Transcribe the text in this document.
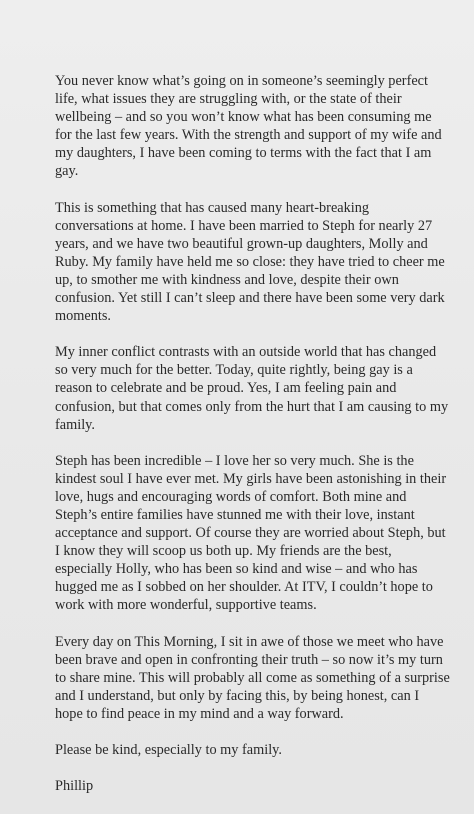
You never know what’s going on in someone’s seemingly perfect life, what issues they are struggling with, or the state of their wellbeing – and so you won’t know what has been consuming me for the last few years. With the strength and support of my wife and my daughters, I have been coming to terms with the fact that I am gay.

This is something that has caused many heart-breaking conversations at home. I have been married to Steph for nearly 27 years, and we have two beautiful grown-up daughters, Molly and Ruby. My family have held me so close: they have tried to cheer me up, to smother me with kindness and love, despite their own confusion. Yet still I can’t sleep and there have been some very dark moments.

My inner conflict contrasts with an outside world that has changed so very much for the better. Today, quite rightly, being gay is a reason to celebrate and be proud. Yes, I am feeling pain and confusion, but that comes only from the hurt that I am causing to my family.

Steph has been incredible – I love her so very much. She is the kindest soul I have ever met. My girls have been astonishing in their love, hugs and encouraging words of comfort. Both mine and Steph’s entire families have stunned me with their love, instant acceptance and support. Of course they are worried about Steph, but I know they will scoop us both up. My friends are the best, especially Holly, who has been so kind and wise – and who has hugged me as I sobbed on her shoulder. At ITV, I couldn’t hope to work with more wonderful, supportive teams.

Every day on This Morning, I sit in awe of those we meet who have been brave and open in confronting their truth – so now it’s my turn to share mine. This will probably all come as something of a surprise and I understand, but only by facing this, by being honest, can I hope to find peace in my mind and a way forward.

Please be kind, especially to my family.

Phillip
